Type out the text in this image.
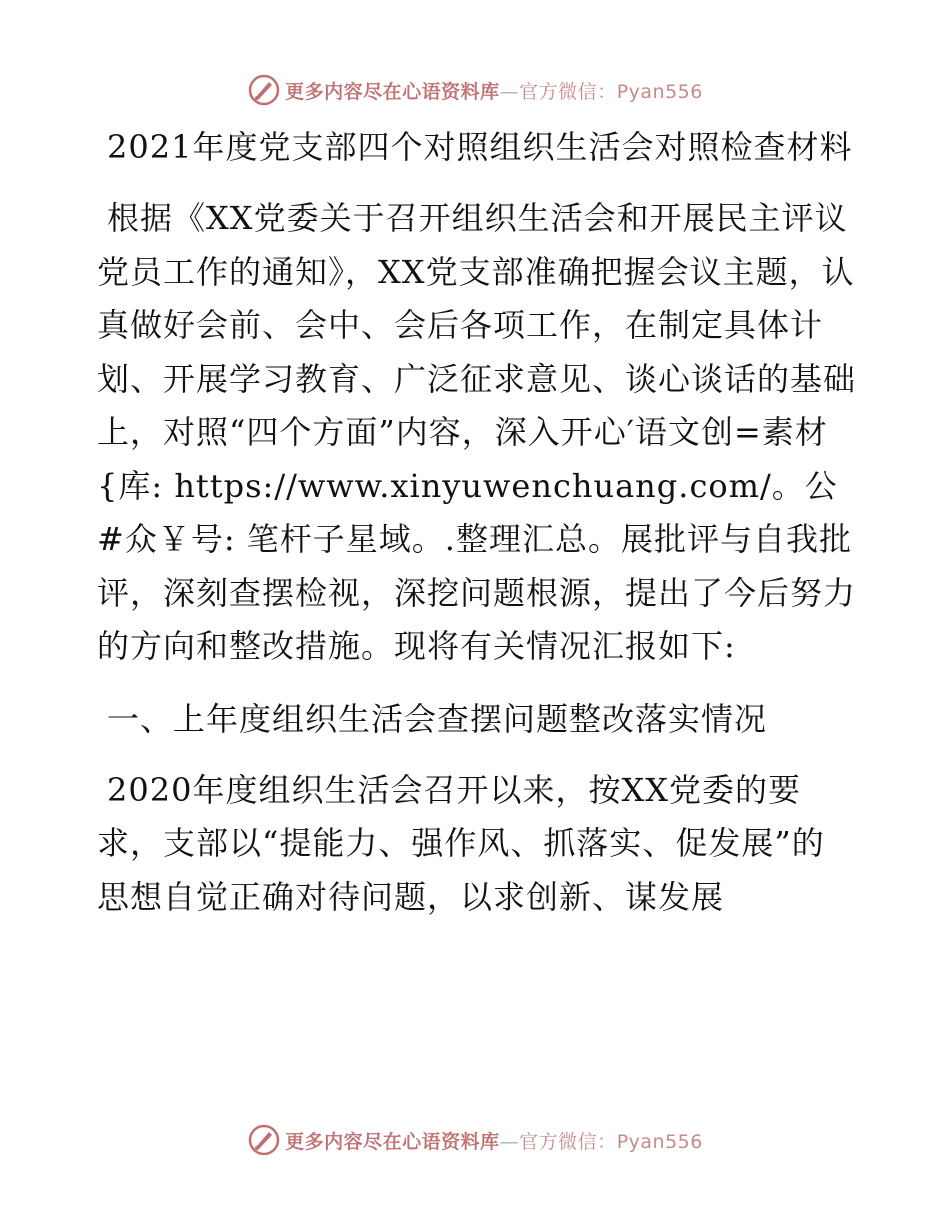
更多内容尽在心语资料库—官方微信：Pyan556
2021年度党支部四个对照组织生活会对照检查材料

根据《XX党委关于召开组织生活会和开展民主评议党员工作的通知》，XX党支部准确把握会议主题，认真做好会前、会中、会后各项工作，在制定具体计划、开展学习教育、广泛征求意见、谈心谈话的基础上，对照“四个方面”内容，深入开心′语文创=素材{库: https://www.xinyuwenchuang.com/。公#众￥号: 笔杆子星域。.整理汇总。展批评与自我批评，深刻查摆检视，深挖问题根源，提出了今后努力的方向和整改措施。现将有关情况汇报如下:

一、上年度组织生活会查摆问题整改落实情况

2020年度组织生活会召开以来，按XX党委的要求，支部以“提能力、强作风、抓落实、促发展”的思想自觉正确对待问题，以求创新、谋发展

更多内容尽在心语资料库—官方微信：Pyan556
